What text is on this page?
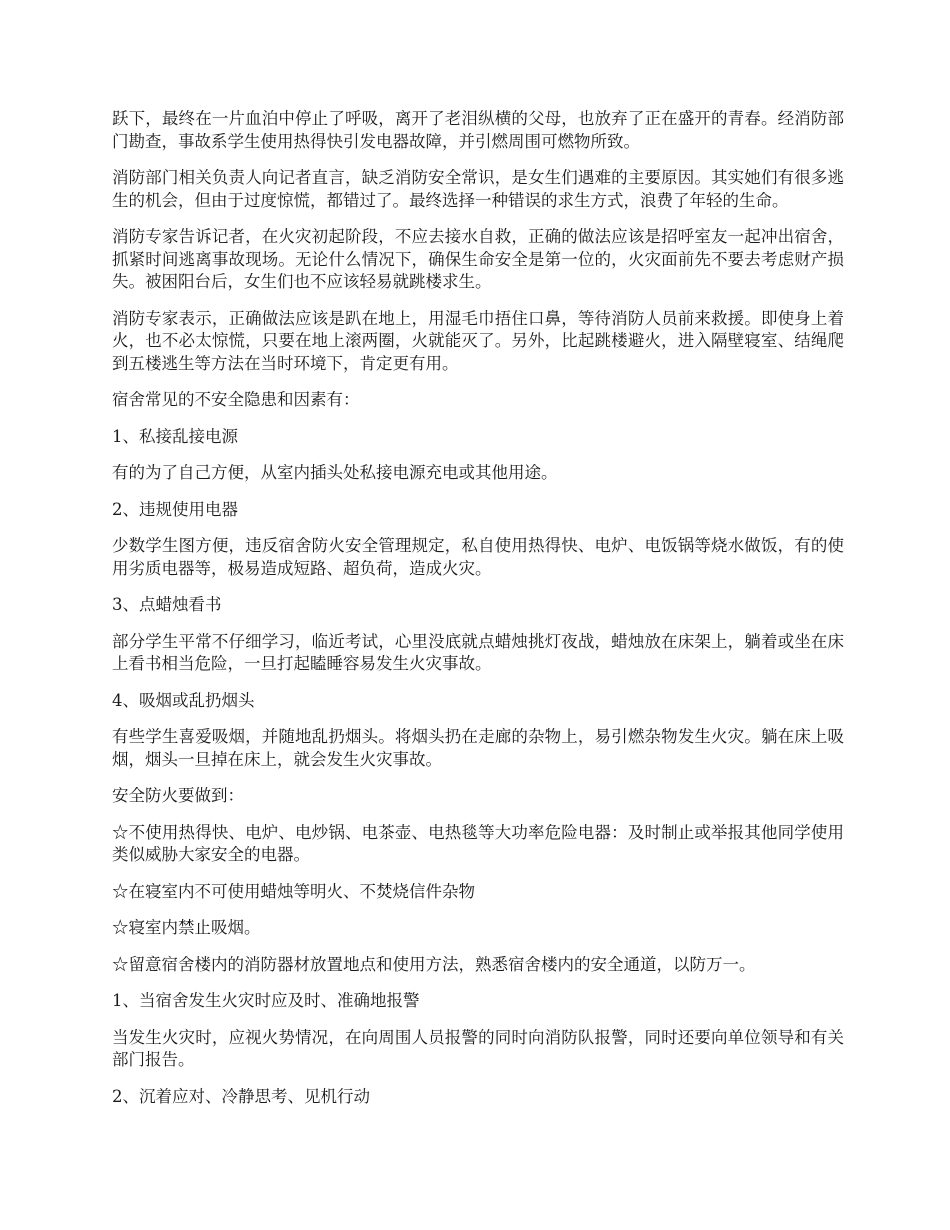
跃下，最终在一片血泊中停止了呼吸，离开了老泪纵横的父母，也放弃了正在盛开的青春。经消防部门勘查，事故系学生使用热得快引发电器故障，并引燃周围可燃物所致。

消防部门相关负责人向记者直言，缺乏消防安全常识，是女生们遇难的主要原因。其实她们有很多逃生的机会，但由于过度惊慌，都错过了。最终选择一种错误的求生方式，浪费了年轻的生命。

消防专家告诉记者，在火灾初起阶段，不应去接水自救，正确的做法应该是招呼室友一起冲出宿舍，抓紧时间逃离事故现场。无论什么情况下，确保生命安全是第一位的，火灾面前先不要去考虑财产损失。被困阳台后，女生们也不应该轻易就跳楼求生。

消防专家表示，正确做法应该是趴在地上，用湿毛巾捂住口鼻，等待消防人员前来救援。即使身上着火，也不必太惊慌，只要在地上滚两圈，火就能灭了。另外，比起跳楼避火，进入隔壁寝室、结绳爬到五楼逃生等方法在当时环境下，肯定更有用。

宿舍常见的不安全隐患和因素有：

1、私接乱接电源

有的为了自己方便，从室内插头处私接电源充电或其他用途。

2、违规使用电器

少数学生图方便，违反宿舍防火安全管理规定，私自使用热得快、电炉、电饭锅等烧水做饭，有的使用劣质电器等，极易造成短路、超负荷，造成火灾。

3、点蜡烛看书

部分学生平常不仔细学习，临近考试，心里没底就点蜡烛挑灯夜战，蜡烛放在床架上，躺着或坐在床上看书相当危险，一旦打起瞌睡容易发生火灾事故。

4、吸烟或乱扔烟头

有些学生喜爱吸烟，并随地乱扔烟头。将烟头扔在走廊的杂物上，易引燃杂物发生火灾。躺在床上吸烟，烟头一旦掉在床上，就会发生火灾事故。

安全防火要做到：

☆不使用热得快、电炉、电炒锅、电茶壶、电热毯等大功率危险电器：及时制止或举报其他同学使用类似威胁大家安全的电器。

☆在寝室内不可使用蜡烛等明火、不焚烧信件杂物

☆寝室内禁止吸烟。

☆留意宿舍楼内的消防器材放置地点和使用方法，熟悉宿舍楼内的安全通道，以防万一。

1、当宿舍发生火灾时应及时、准确地报警

当发生火灾时，应视火势情况，在向周围人员报警的同时向消防队报警，同时还要向单位领导和有关部门报告。

2、沉着应对、冷静思考、见机行动
